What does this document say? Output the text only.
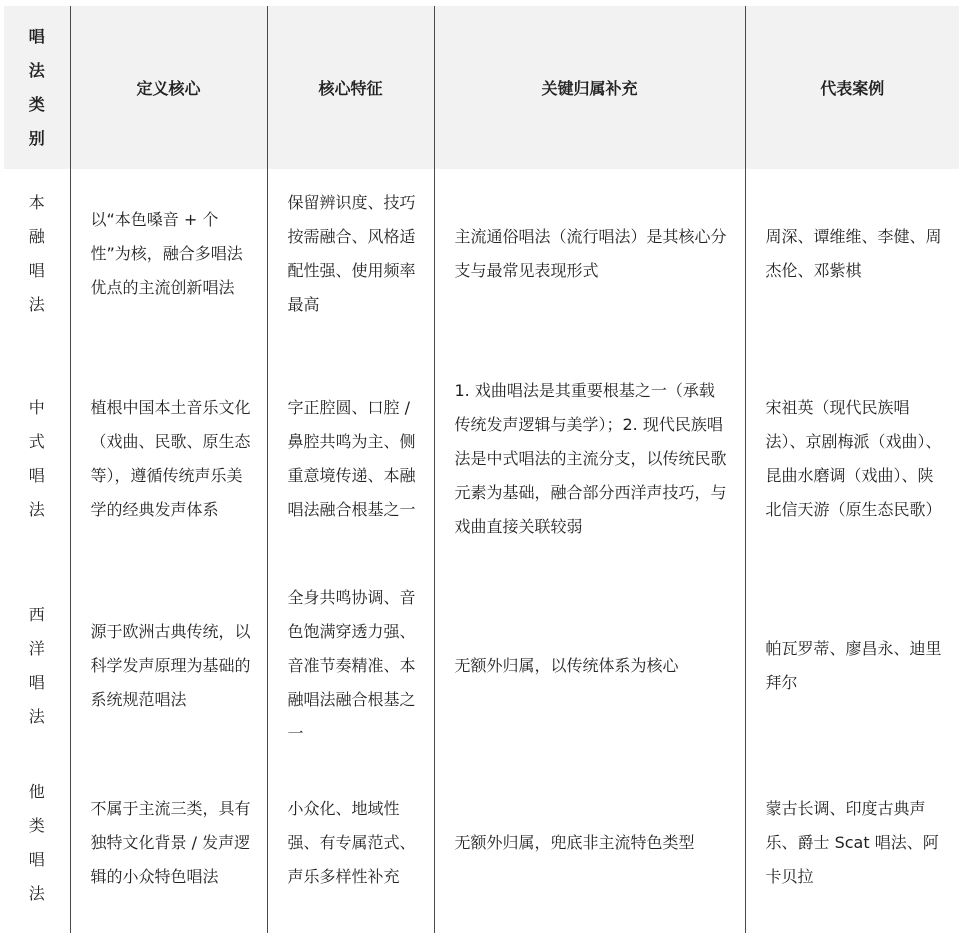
唱法类别	定义核心	核心特征	关键归属补充	代表案例
本融唱法	以“本色嗓音 + 个性”为核，融合多唱法优点的主流创新唱法	保留辨识度、技巧按需融合、风格适配性强、使用频率最高	主流通俗唱法（流行唱法）是其核心分支与最常见表现形式	周深、谭维维、李健、周杰伦、邓紫棋
中式唱法	植根中国本土音乐文化（戏曲、民歌、原生态等），遵循传统声乐美学的经典发声体系	字正腔圆、口腔 / 鼻腔共鸣为主、侧重意境传递、本融唱法融合根基之一	1. 戏曲唱法是其重要根基之一（承载传统发声逻辑与美学）；2. 现代民族唱法是中式唱法的主流分支，以传统民歌元素为基础，融合部分西洋声技巧，与戏曲直接关联较弱	宋祖英（现代民族唱法）、京剧梅派（戏曲）、昆曲水磨调（戏曲）、陕北信天游（原生态民歌）
西洋唱法	源于欧洲古典传统，以科学发声原理为基础的系统规范唱法	全身共鸣协调、音色饱满穿透力强、音准节奏精准、本融唱法融合根基之一	无额外归属，以传统体系为核心	帕瓦罗蒂、廖昌永、迪里拜尔
他类唱法	不属于主流三类，具有独特文化背景 / 发声逻辑的小众特色唱法	小众化、地域性强、有专属范式、声乐多样性补充	无额外归属，兜底非主流特色类型	蒙古长调、印度古典声乐、爵士 Scat 唱法、阿卡贝拉
